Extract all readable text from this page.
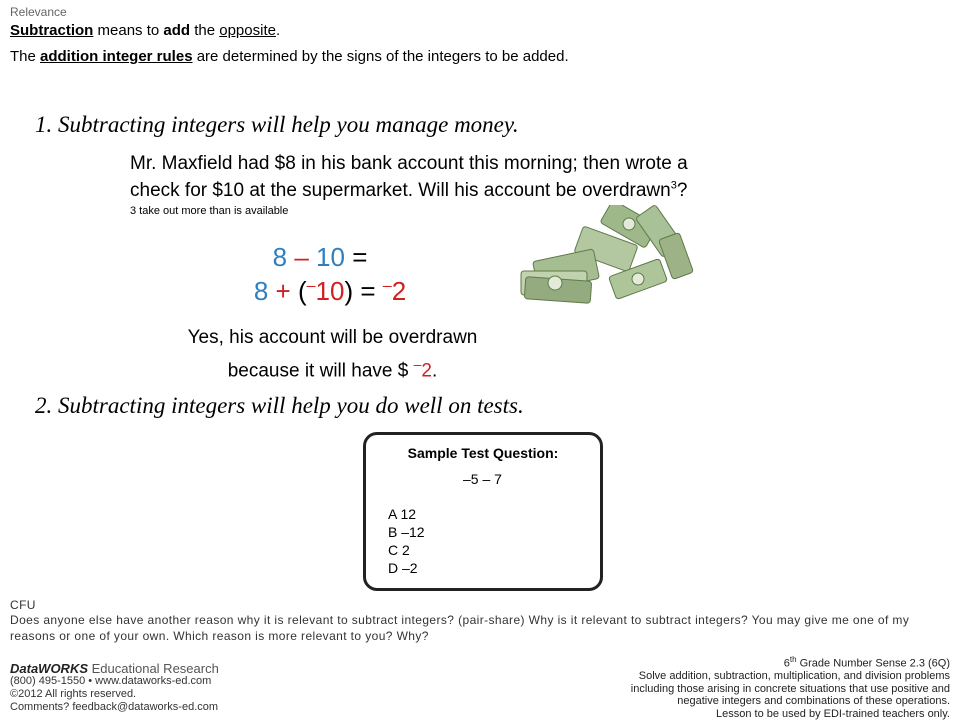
Relevance
Subtraction means to add the opposite.
The addition integer rules are determined by the signs of the integers to be added.
1. Subtracting integers will help you manage money.
Mr. Maxfield had $8 in his bank account this morning; then wrote a
check for $10 at the supermarket. Will his account be overdrawn$^3$?
3 take out more than is available
8 – 10 =
8 + (–10) = –2
Yes, his account will be overdrawn
because it will have $ –2.
2. Subtracting integers will help you do well on tests.
Sample Test Question:
–5 – 7
A 12
B –12
C 2
D –2
CFU
Does anyone else have another reason why it is relevant to subtract integers? (pair-share) Why is it relevant to subtract integers? You may give me one of my reasons or one of your own. Which reason is more relevant to you? Why?
DataWORKS Educational Research
(800) 495-1550 • www.dataworks-ed.com
©2012 All rights reserved.
Comments? feedback@dataworks-ed.com
6th Grade Number Sense 2.3 (6Q)
Solve addition, subtraction, multiplication, and division problems
including those arising in concrete situations that use positive and
negative integers and combinations of these operations.
Lesson to be used by EDI-trained teachers only.
